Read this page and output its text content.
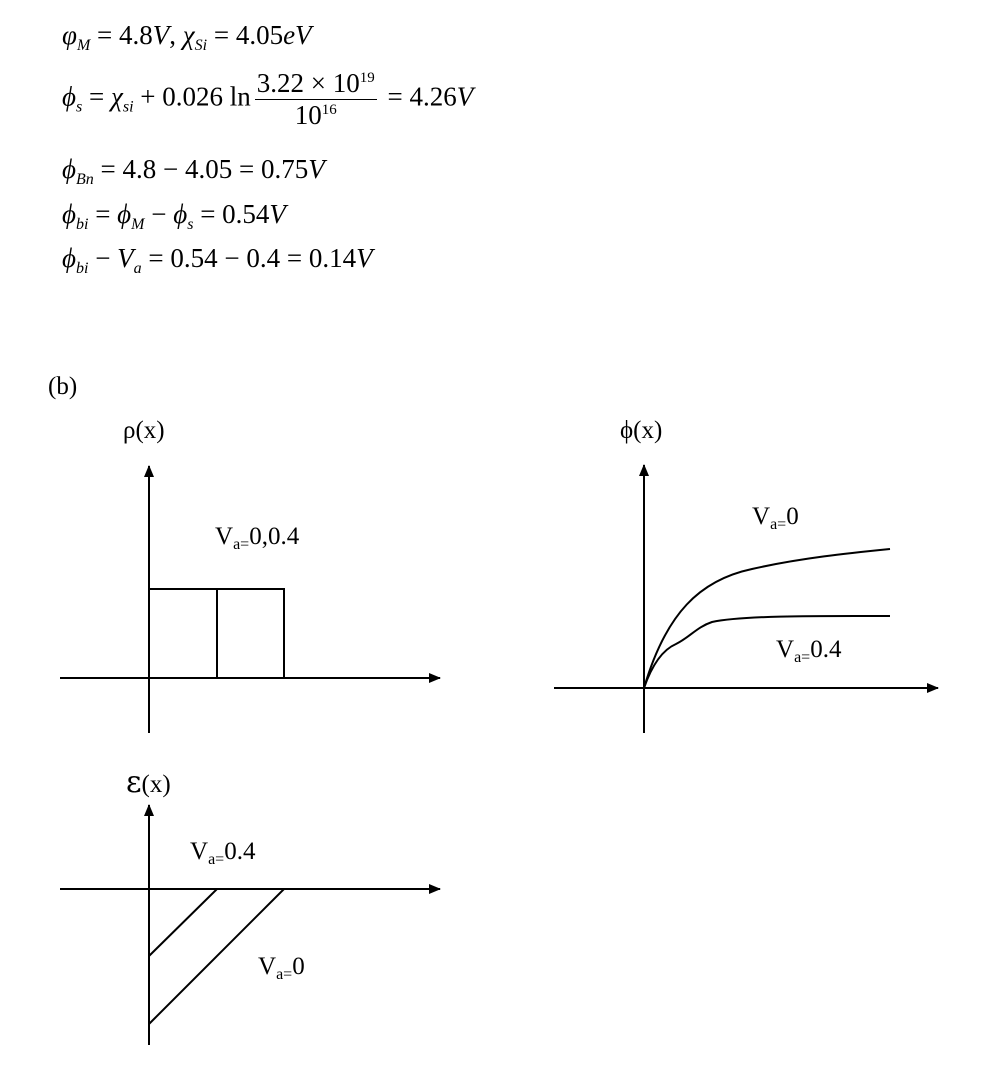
$\varphi_M = 4.8V$, $\chi_{Si} = 4.05eV$
$\phi_s = \chi_{si} + 0.026$ $\ln \frac{3.22 \times 10^{19}}{10^{16}} = 4.26V$
$\phi_{Bn} = 4.8 - 4.05 = 0.75V$
$\phi_{bi} = \phi_M - \phi_s = 0.54V$
$\phi_{bi} - V_a = 0.54 - 0.4 = 0.14V$
(b)
ρ(x)
$V_{a=}0,0.4$
ϕ(x)
$V_{a=}0$
$V_{a=}0.4$
ε(x)
$V_{a=}0.4$
$V_{a=}0$
